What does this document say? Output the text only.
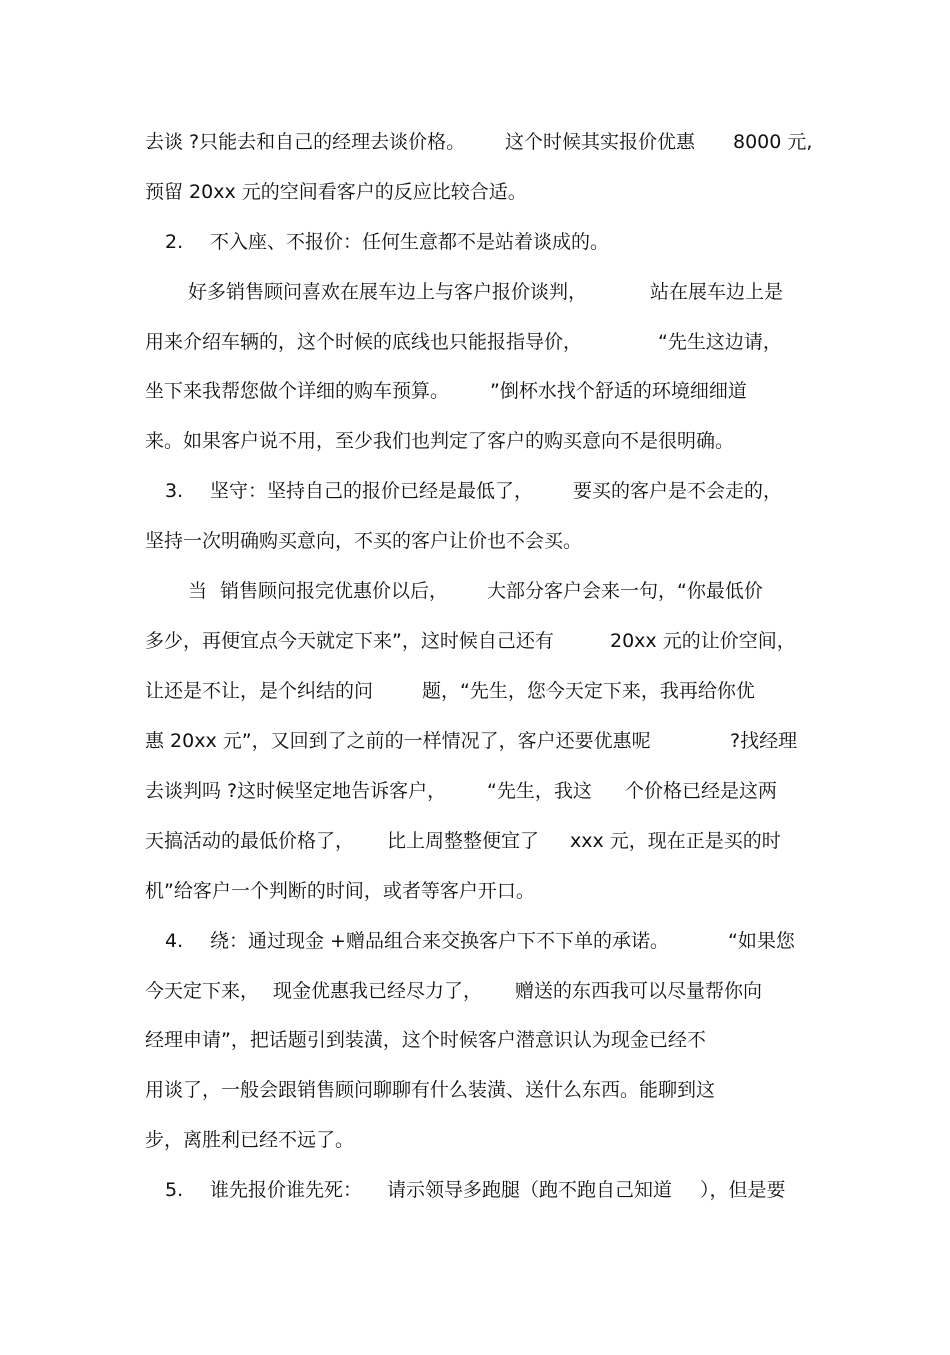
去谈 ?只能去和自己的经理去谈价格。

这个时候其实报价优惠

8000 元,

预留 20xx 元的空间看客户的反应比较合适。

2.

不入座、不报价：任何生意都不是站着谈成的。

好多销售顾问喜欢在展车边上与客户报价谈判，

	站在展车边上是

用来介绍车辆的，这个时候的底线也只能报指导价，

	“先生这边请，

坐下来我帮您做个详细的购车预算。

”倒杯水找个舒适的环境细细道

来。如果客户说不用，至少我们也判定了客户的购买意向不是很明确。

3.

坚守：坚持自己的报价已经是最低了，

要买的客户是不会走的，

坚持一次明确购买意向，不买的客户让价也不会买。

当

销售顾问报完优惠价以后，

大部分客户会来一句，“你最低价

多少，再便宜点今天就定下来”，这时候自己还有

	20xx 元的让价空间，

让还是不让，是个纠结的问

	题，“先生，您今天定下来，我再给你优

惠 20xx 元”，又回到了之前的一样情况了，客户还要优惠呢

	?找经理

去谈判吗 ?这时候坚定地告诉客户，

“先生，我这

个价格已经是这两

天搞活动的最低价格了，

比上周整整便宜了

xxx 元，现在正是买的时

机”给客户一个判断的时间，或者等客户开口。

4.

绕：通过现金 +赠品组合来交换客户下不下单的承诺。

	“如果您

今天定下来，

现金优惠我已经尽力了，

赠送的东西我可以尽量帮你向

经理申请”，把话题引到装潢，这个时候客户潜意识认为现金已经不

用谈了，一般会跟销售顾问聊聊有什么装潢、送什么东西。能聊到这

步，离胜利已经不远了。

5.

谁先报价谁先死：

请示领导多跑腿（跑不跑自己知道

），但是要
